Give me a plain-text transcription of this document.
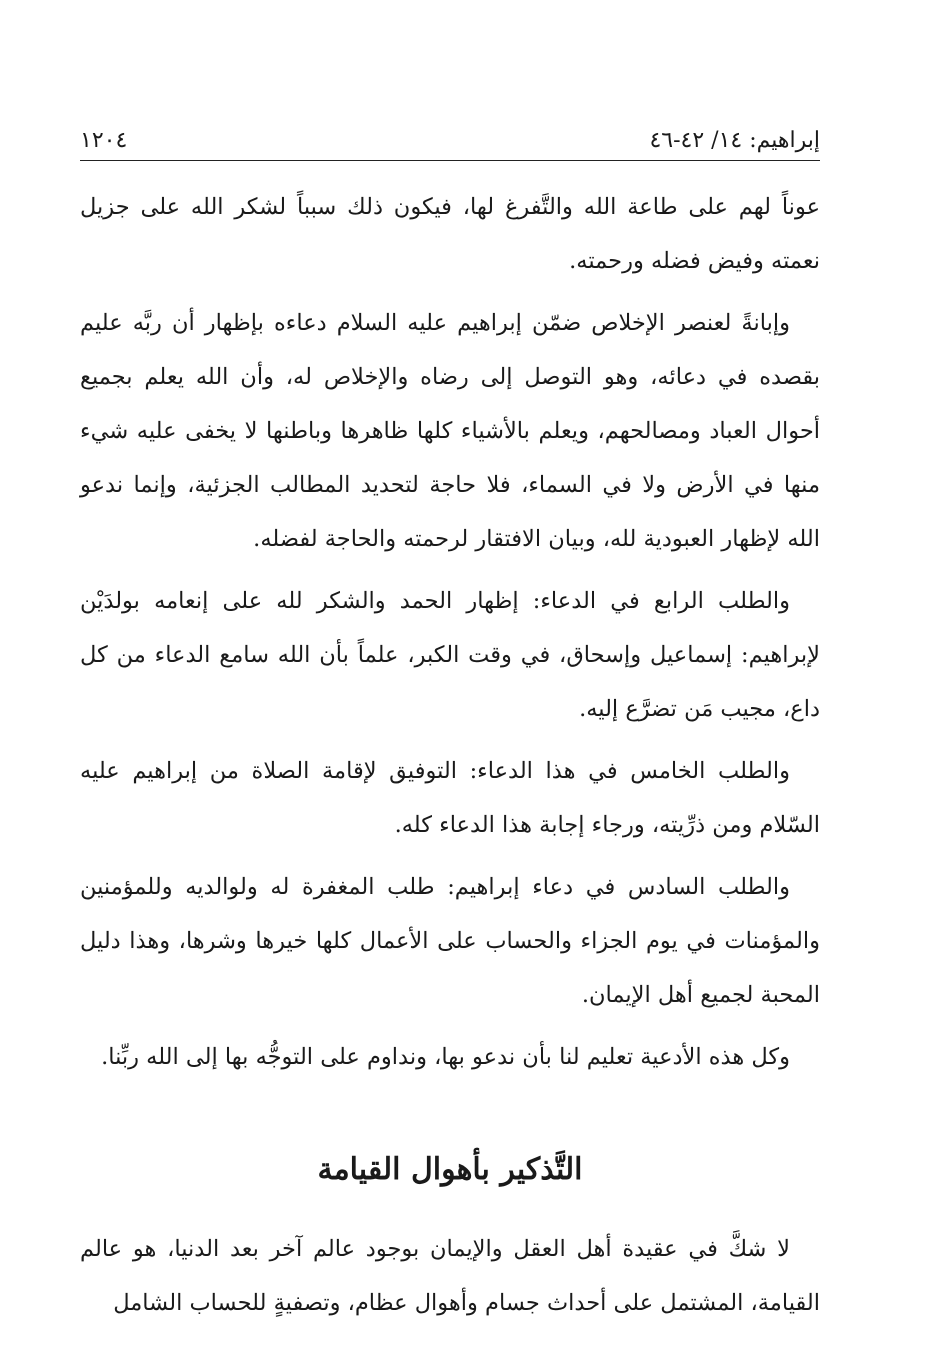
إبراهيم: ١٤/ ٤٢-٤٦
١٢٠٤

عوناً لهم على طاعة الله والتَّفرغ لها، فيكون ذلك سبباً لشكر الله على جزيل نعمته وفيض فضله ورحمته.

وإبانةً لعنصر الإخلاص ضمّن إبراهيم عليه السلام دعاءه بإظهار أن ربَّه عليم بقصده في دعائه، وهو التوصل إلى رضاه والإخلاص له، وأن الله يعلم بجميع أحوال العباد ومصالحهم، ويعلم بالأشياء كلها ظاهرها وباطنها لا يخفى عليه شيء منها في الأرض ولا في السماء، فلا حاجة لتحديد المطالب الجزئية، وإنما ندعو الله لإظهار العبودية لله، وبيان الافتقار لرحمته والحاجة لفضله.

والطلب الرابع في الدعاء: إظهار الحمد والشكر لله على إنعامه بولدَيْن لإبراهيم: إسماعيل وإسحاق، في وقت الكبر، علماً بأن الله سامع الدعاء من كل داع، مجيب مَن تضرَّع إليه.

والطلب الخامس في هذا الدعاء: التوفيق لإقامة الصلاة من إبراهيم عليه السّلام ومن ذرِّيته، ورجاء إجابة هذا الدعاء كله.

والطلب السادس في دعاء إبراهيم: طلب المغفرة له ولوالديه وللمؤمنين والمؤمنات في يوم الجزاء والحساب على الأعمال كلها خيرها وشرها، وهذا دليل المحبة لجميع أهل الإيمان.

وكل هذه الأدعية تعليم لنا بأن ندعو بها، ونداوم على التوجُّه بها إلى الله ربِّنا.

التَّذكير بأهوال القيامة

لا شكَّ في عقيدة أهل العقل والإيمان بوجود عالم آخر بعد الدنيا، هو عالم القيامة، المشتمل على أحداث جسام وأهوال عظام، وتصفيةٍ للحساب الشامل
